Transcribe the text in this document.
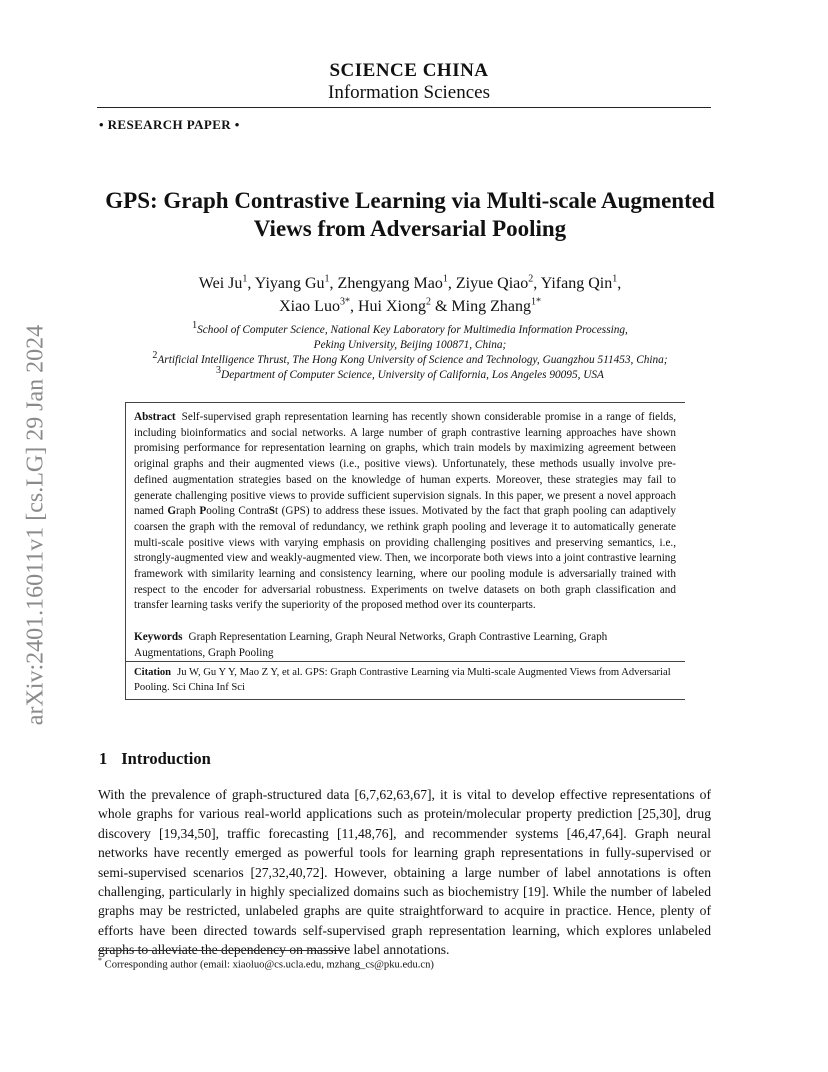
arXiv:2401.16011v1 [cs.LG] 29 Jan 2024
SCIENCE CHINA
Information Sciences
• RESEARCH PAPER •
GPS: Graph Contrastive Learning via Multi-scale Augmented Views from Adversarial Pooling
Wei Ju$^1$, Yiyang Gu$^1$, Zhengyang Mao$^1$, Ziyue Qiao$^2$, Yifang Qin$^1$,
Xiao Luo$^{3*}$, Hui Xiong$^2$ & Ming Zhang$^{1*}$
$^1$School of Computer Science, National Key Laboratory for Multimedia Information Processing,
Peking University, Beijing 100871, China;
$^2$Artificial Intelligence Thrust, The Hong Kong University of Science and Technology, Guangzhou 511453, China;
$^3$Department of Computer Science, University of California, Los Angeles 90095, USA
Abstract Self-supervised graph representation learning has recently shown considerable promise in a range of fields, including bioinformatics and social networks. A large number of graph contrastive learning approaches have shown promising performance for representation learning on graphs, which train models by maximizing agreement between original graphs and their augmented views (i.e., positive views). Unfortunately, these methods usually involve pre-defined augmentation strategies based on the knowledge of human experts. Moreover, these strategies may fail to generate challenging positive views to provide sufficient supervision signals. In this paper, we present a novel approach named Graph Pooling ContraSt (GPS) to address these issues. Motivated by the fact that graph pooling can adaptively coarsen the graph with the removal of redundancy, we rethink graph pooling and leverage it to automatically generate multi-scale positive views with varying emphasis on providing challenging positives and preserving semantics, i.e., strongly-augmented view and weakly-augmented view. Then, we incorporate both views into a joint contrastive learning framework with similarity learning and consistency learning, where our pooling module is adversarially trained with respect to the encoder for adversarial robustness. Experiments on twelve datasets on both graph classification and transfer learning tasks verify the superiority of the proposed method over its counterparts.
Keywords Graph Representation Learning, Graph Neural Networks, Graph Contrastive Learning, Graph Augmentations, Graph Pooling
Citation Ju W, Gu Y Y, Mao Z Y, et al. GPS: Graph Contrastive Learning via Multi-scale Augmented Views from Adversarial Pooling. Sci China Inf Sci
1 Introduction
With the prevalence of graph-structured data [6,7,62,63,67], it is vital to develop effective representations of whole graphs for various real-world applications such as protein/molecular property prediction [25,30], drug discovery [19,34,50], traffic forecasting [11,48,76], and recommender systems [46,47,64]. Graph neural networks have recently emerged as powerful tools for learning graph representations in fully-supervised or semi-supervised scenarios [27,32,40,72]. However, obtaining a large number of label annotations is often challenging, particularly in highly specialized domains such as biochemistry [19]. While the number of labeled graphs may be restricted, unlabeled graphs are quite straightforward to acquire in practice. Hence, plenty of efforts have been directed towards self-supervised graph representation learning, which explores unlabeled graphs to alleviate the dependency on massive label annotations.
* Corresponding author (email: xiaoluo@cs.ucla.edu, mzhang_cs@pku.edu.cn)
